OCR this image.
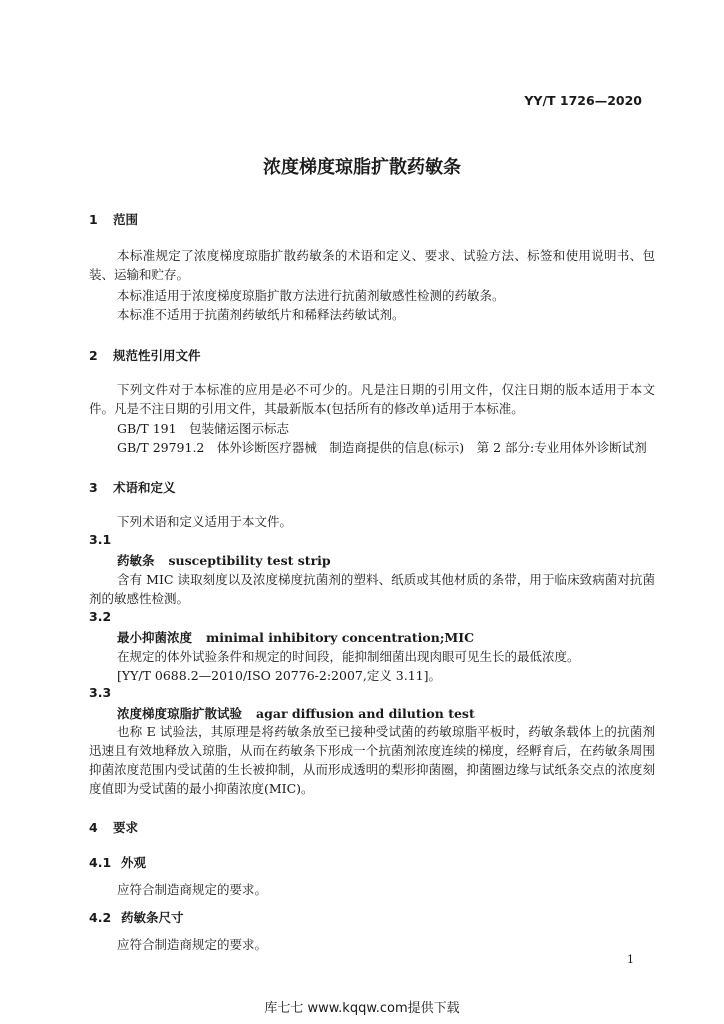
YY/T 1726—2020
浓度梯度琼脂扩散药敏条
1 范围
本标准规定了浓度梯度琼脂扩散药敏条的术语和定义、要求、试验方法、标签和使用说明书、包装、运输和贮存。
本标准适用于浓度梯度琼脂扩散方法进行抗菌剂敏感性检测的药敏条。
本标准不适用于抗菌剂药敏纸片和稀释法药敏试剂。
2 规范性引用文件
下列文件对于本标准的应用是必不可少的。凡是注日期的引用文件，仅注日期的版本适用于本文件。凡是不注日期的引用文件，其最新版本(包括所有的修改单)适用于本标准。
GB/T 191　包装储运图示标志
GB/T 29791.2　体外诊断医疗器械　制造商提供的信息(标示)　第 2 部分:专业用体外诊断试剂
3 术语和定义
下列术语和定义适用于本文件。
3.1
药敏条 susceptibility test strip
含有 MIC 读取刻度以及浓度梯度抗菌剂的塑料、纸质或其他材质的条带，用于临床致病菌对抗菌剂的敏感性检测。
3.2
最小抑菌浓度 minimal inhibitory concentration;MIC
在规定的体外试验条件和规定的时间段，能抑制细菌出现肉眼可见生长的最低浓度。
[YY/T 0688.2—2010/ISO 20776-2:2007,定义 3.11]。
3.3
浓度梯度琼脂扩散试验 agar diffusion and dilution test
也称 E 试验法，其原理是将药敏条放至已接种受试菌的药敏琼脂平板时，药敏条载体上的抗菌剂迅速且有效地释放入琼脂，从而在药敏条下形成一个抗菌剂浓度连续的梯度，经孵育后，在药敏条周围抑菌浓度范围内受试菌的生长被抑制，从而形成透明的梨形抑菌圈，抑菌圈边缘与试纸条交点的浓度刻度值即为受试菌的最小抑菌浓度(MIC)。
4 要求
4.1 外观
应符合制造商规定的要求。
4.2 药敏条尺寸
应符合制造商规定的要求。
1
库七七 www.kqqw.com提供下载
